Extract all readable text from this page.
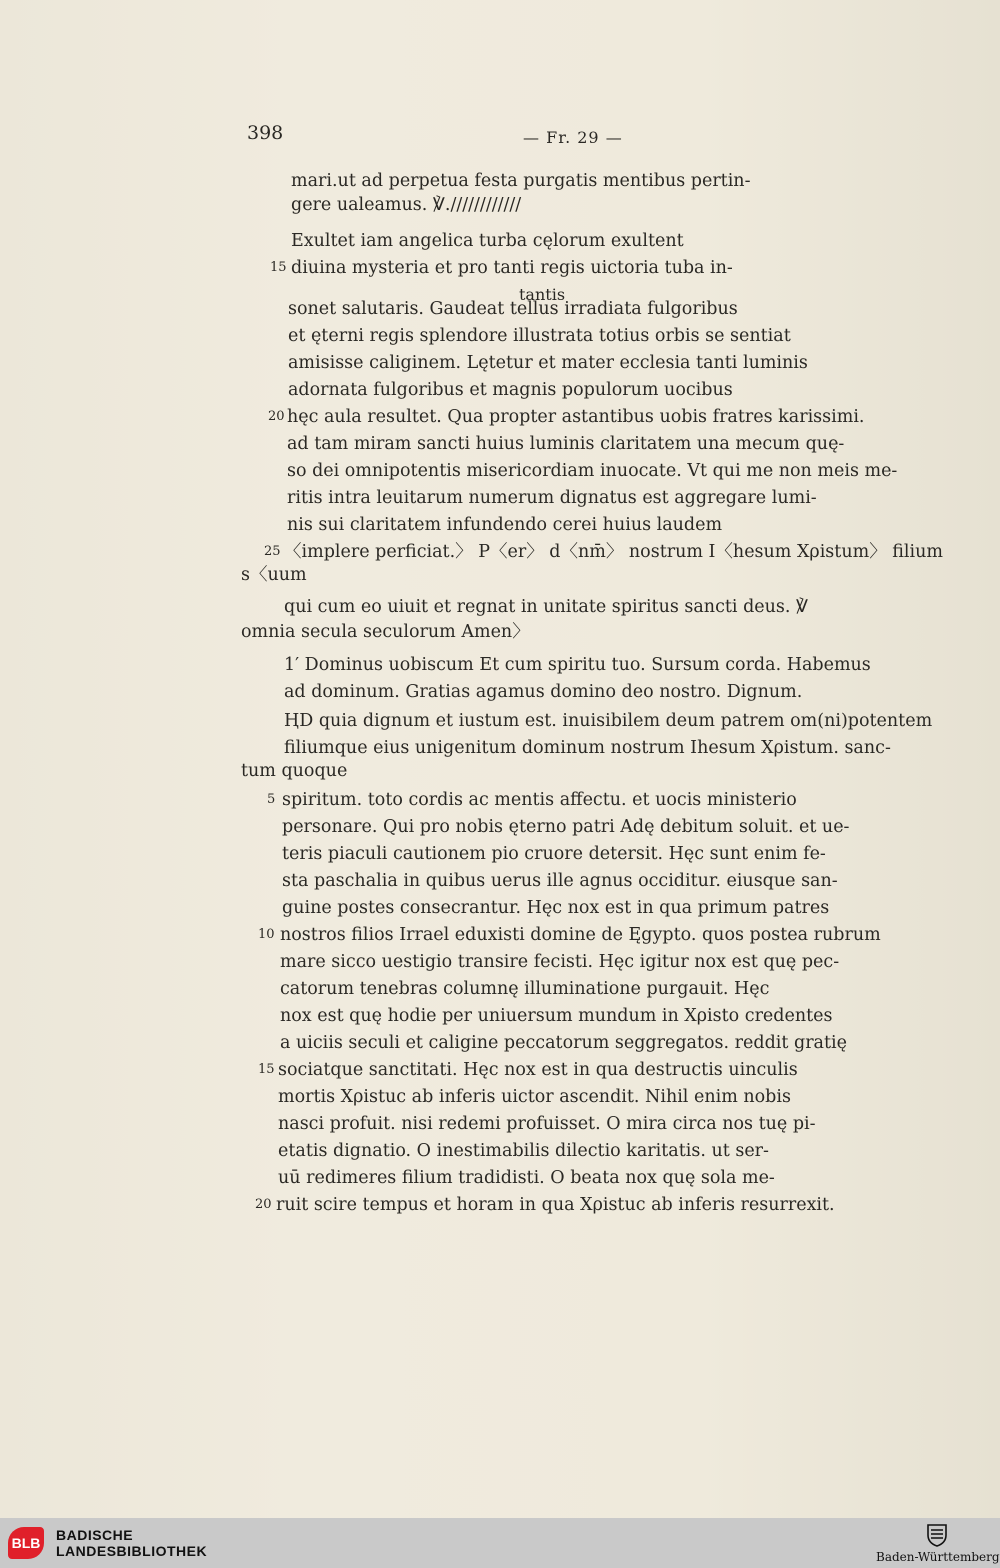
398	— Fr. 29 —
mari.ut ad perpetua festa purgatis mentibus pertin-
gere ualeamus. ℣.////////////
Exultet iam angelica turba cęlorum exultent
15 diuina mysteria et pro tanti regis uictoria tuba in-
tantis
sonet salutaris. Gaudeat tellus irradiata fulgoribus
et ęterni regis splendore illustrata totius orbis se sentiat
amisisse caliginem. Lętetur et mater ecclesia tanti luminis
adornata fulgoribus et magnis populorum uocibus
20 hęc aula resultet. Qua propter astantibus uobis fratres karissimi.
ad tam miram sancti huius luminis claritatem una mecum quę-
so dei omnipotentis misericordiam inuocate. Vt qui me non meis me-
ritis intra leuitarum numerum dignatus est aggregare lumi-
nis sui claritatem infundendo cerei huius laudem
25 〈implere perficiat.〉 P〈er〉 d〈nm̄〉 nostrum I〈hesum Xρistum〉 filium
s〈uum
qui cum eo uiuit et regnat in unitate spiritus sancti deus. ℣
omnia secula seculorum Amen〉
1′ Dominus uobiscum Et cum spiritu tuo. Sursum corda. Habemus
ad dominum. Gratias agamus domino deo nostro. Dignum.
ⱧD quia dignum et iustum est. inuisibilem deum patrem om(ni)potentem
filiumque eius unigenitum dominum nostrum Ihesum Xρistum. sanc-
tum quoque
5 spiritum. toto cordis ac mentis affectu. et uocis ministerio
personare. Qui pro nobis ęterno patri Adę debitum soluit. et ue-
teris piaculi cautionem pio cruore detersit. Hęc sunt enim fe-
sta paschalia in quibus uerus ille agnus occiditur. eiusque san-
guine postes consecrantur. Hęc nox est in qua primum patres
10 nostros filios Irrael eduxisti domine de Ęgypto. quos postea rubrum
mare sicco uestigio transire fecisti. Hęc igitur nox est quę pec-
catorum tenebras columnę illuminatione purgauit. Hęc
nox est quę hodie per uniuersum mundum in Xρisto credentes
a uiciis seculi et caligine peccatorum seggregatos. reddit gratię
15 sociatque sanctitati. Hęc nox est in qua destructis uinculis
mortis Xρistuc ab inferis uictor ascendit. Nihil enim nobis
nasci profuit. nisi redemi profuisset. O mira circa nos tuę pi-
etatis dignatio. O inestimabilis dilectio karitatis. ut ser-
uū redimeres filium tradidisti. O beata nox quę sola me-
20 ruit scire tempus et horam in qua Xρistuc ab inferis resurrexit.
BLB BADISCHE
LANDESBIBLIOTHEK	Baden-Württemberg
